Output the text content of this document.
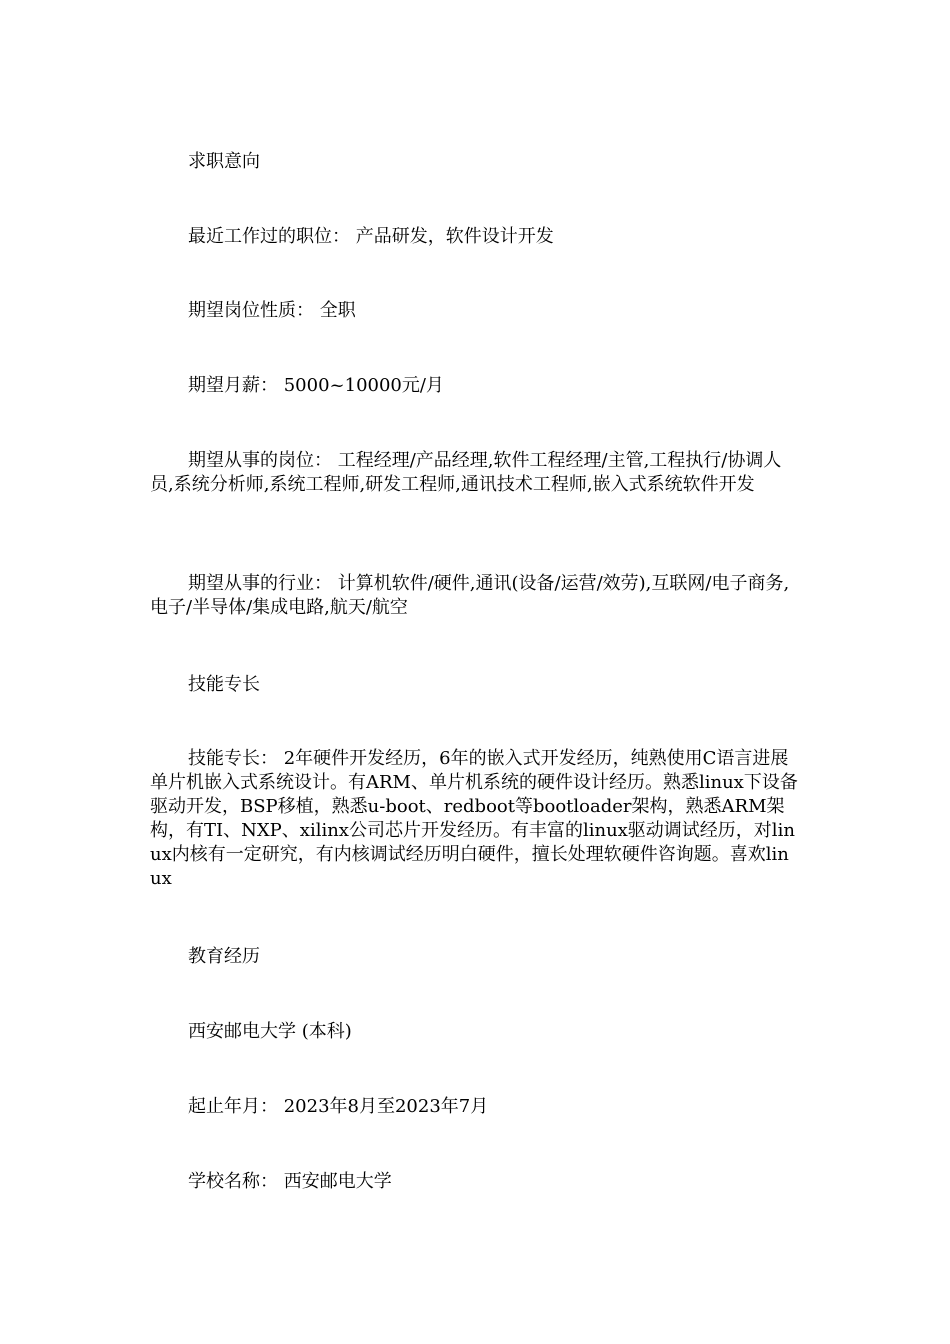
求职意向

最近工作过的职位： 产品研发，软件设计开发

期望岗位性质： 全职

期望月薪： 5000~10000元/月

期望从事的岗位： 工程经理/产品经理,软件工程经理/主管,工程执行/协调人员,系统分析师,系统工程师,研发工程师,通讯技术工程师,嵌入式系统软件开发

期望从事的行业： 计算机软件/硬件,通讯(设备/运营/效劳),互联网/电子商务,电子/半导体/集成电路,航天/航空

技能专长

技能专长： 2年硬件开发经历，6年的嵌入式开发经历，纯熟使用C语言进展单片机嵌入式系统设计。有ARM、单片机系统的硬件设计经历。熟悉linux下设备驱动开发，BSP移植，熟悉u-boot、redboot等bootloader架构，熟悉ARM架构，有TI、NXP、xilinx公司芯片开发经历。有丰富的linux驱动调试经历，对linux内核有一定研究，有内核调试经历明白硬件，擅长处理软硬件咨询题。喜欢linux

教育经历

西安邮电大学 (本科)

起止年月： 2023年8月至2023年7月

学校名称： 西安邮电大学
